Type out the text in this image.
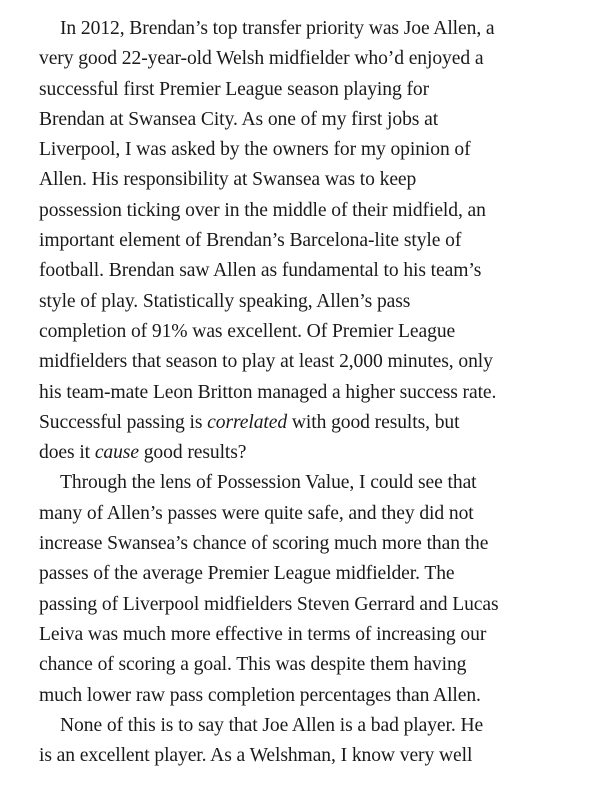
In 2012, Brendan’s top transfer priority was Joe Allen, a
very good 22-year-old Welsh midfielder who’d enjoyed a
successful first Premier League season playing for
Brendan at Swansea City. As one of my first jobs at
Liverpool, I was asked by the owners for my opinion of
Allen. His responsibility at Swansea was to keep
possession ticking over in the middle of their midfield, an
important element of Brendan’s Barcelona-lite style of
football. Brendan saw Allen as fundamental to his team’s
style of play. Statistically speaking, Allen’s pass
completion of 91% was excellent. Of Premier League
midfielders that season to play at least 2,000 minutes, only
his team-mate Leon Britton managed a higher success rate.
Successful passing is correlated with good results, but
does it cause good results?

Through the lens of Possession Value, I could see that
many of Allen’s passes were quite safe, and they did not
increase Swansea’s chance of scoring much more than the
passes of the average Premier League midfielder. The
passing of Liverpool midfielders Steven Gerrard and Lucas
Leiva was much more effective in terms of increasing our
chance of scoring a goal. This was despite them having
much lower raw pass completion percentages than Allen.

None of this is to say that Joe Allen is a bad player. He
is an excellent player. As a Welshman, I know very well
